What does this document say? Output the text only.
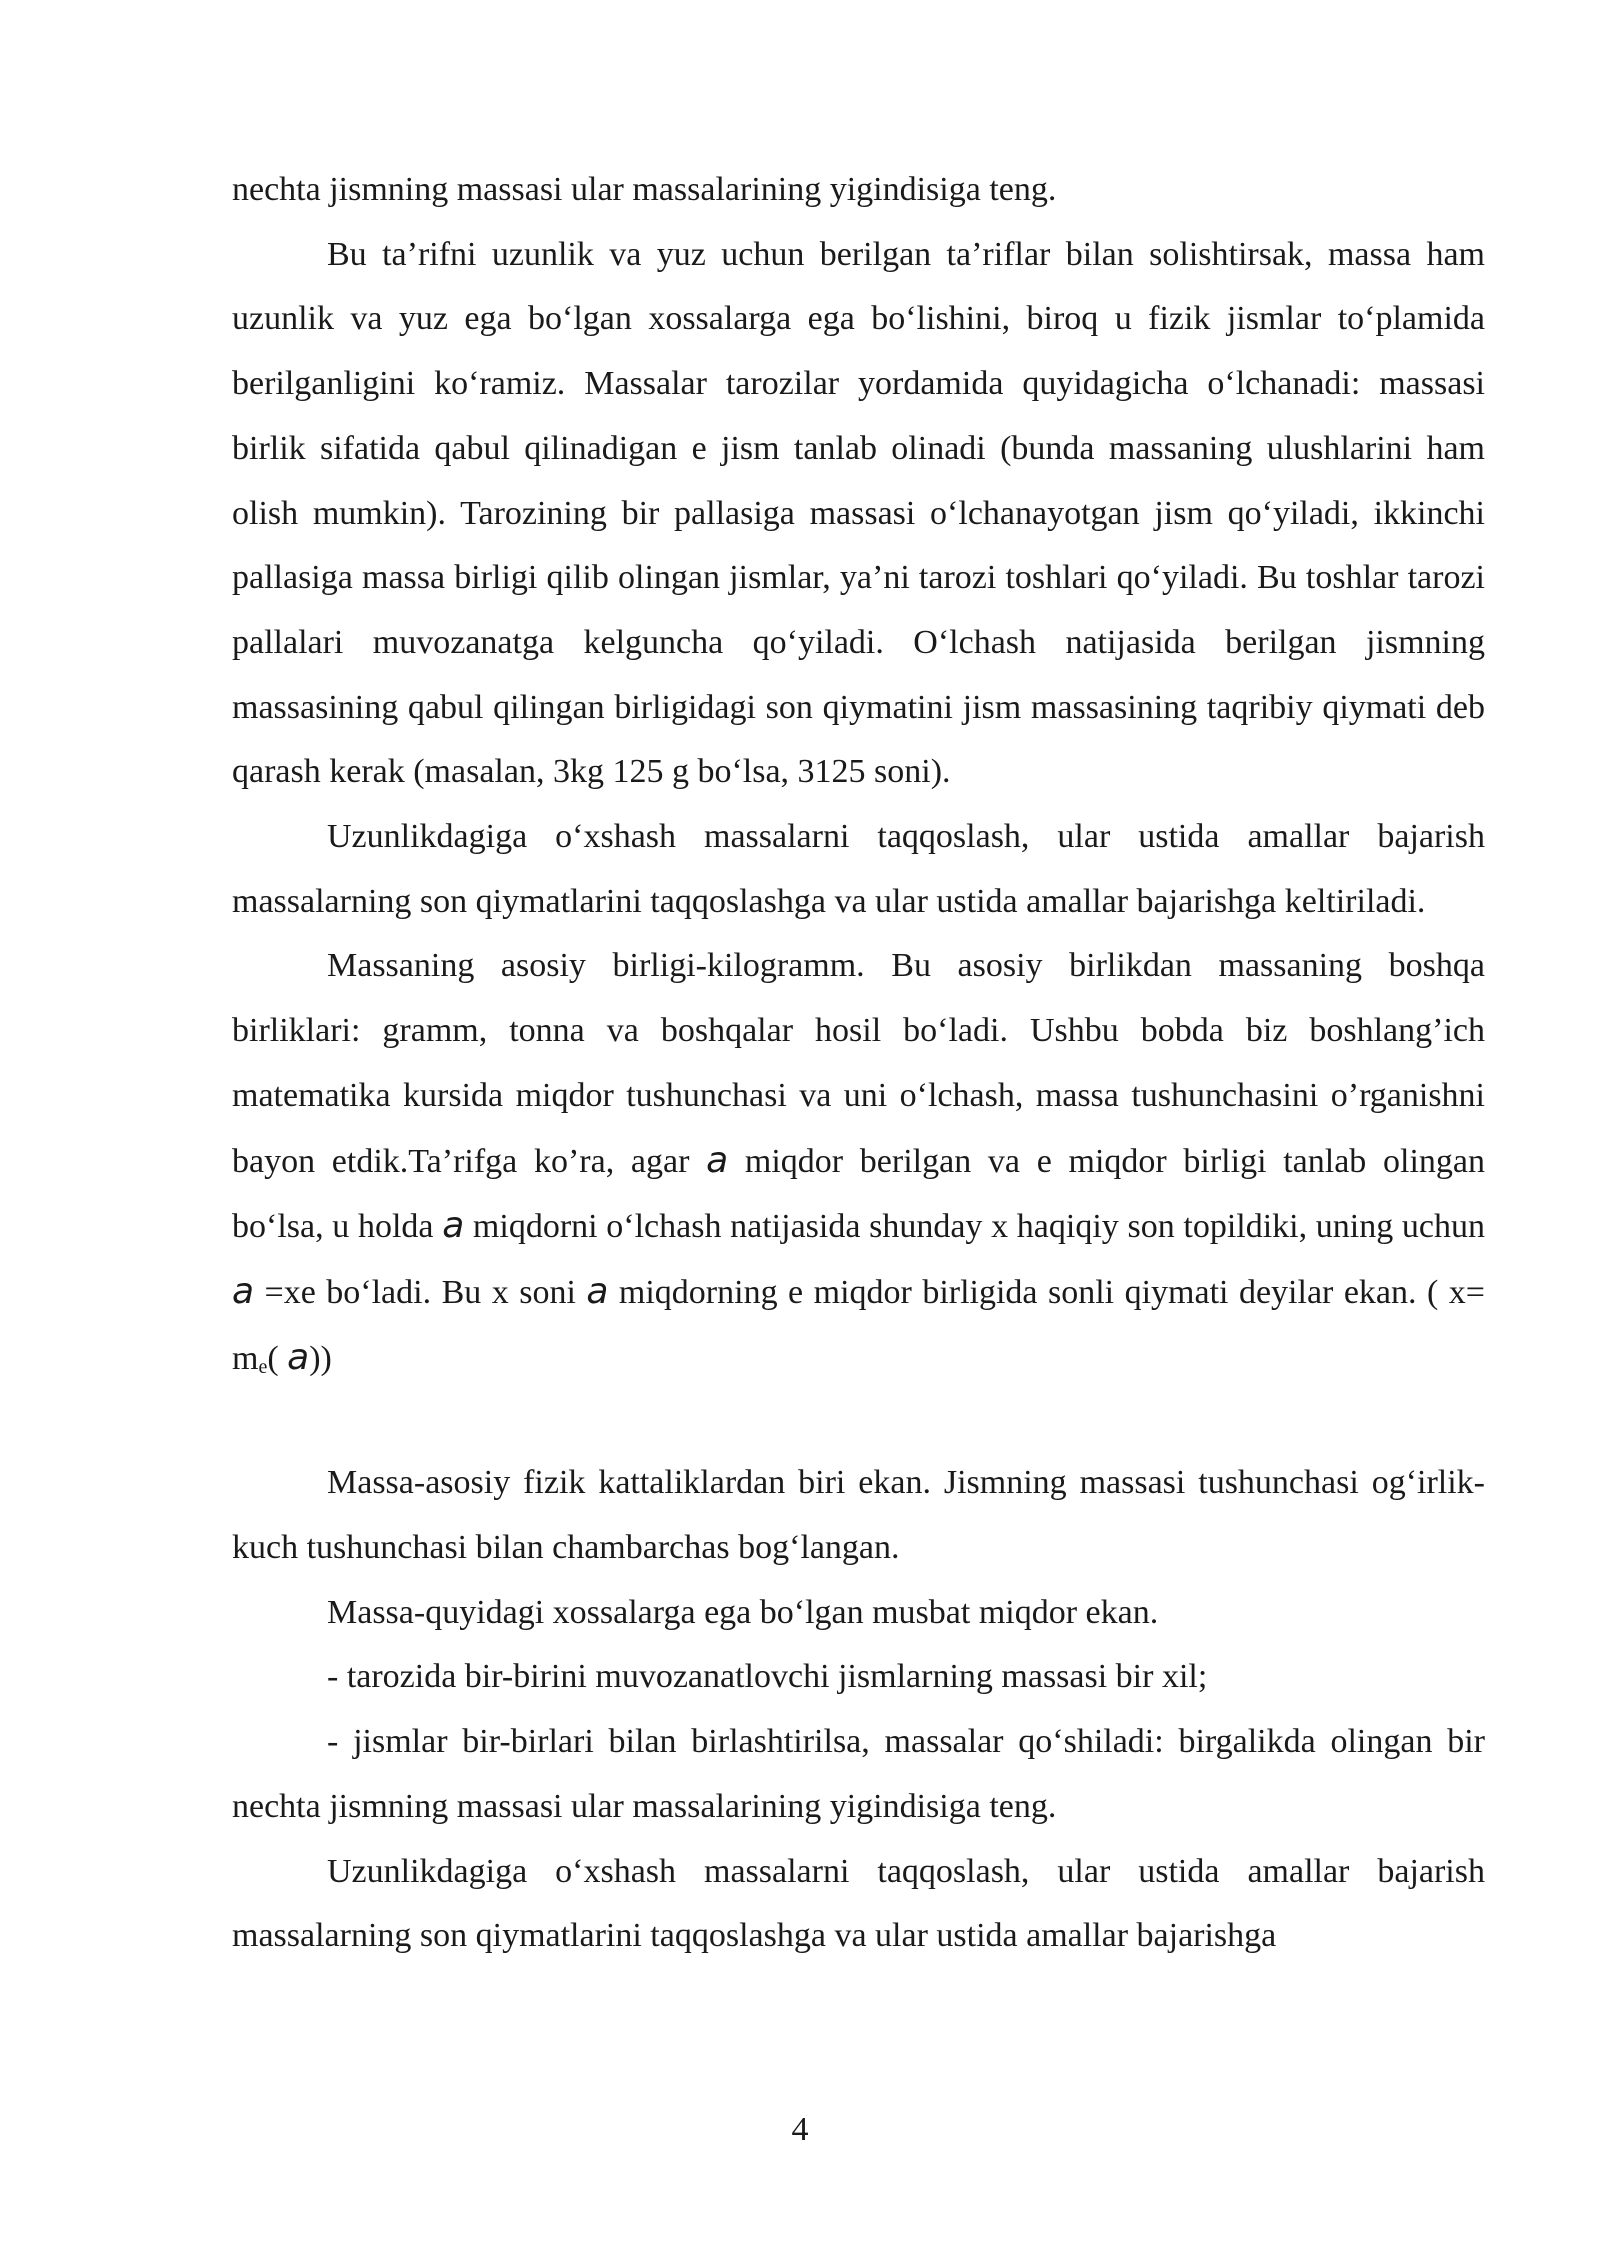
nechta jismning massasi ular massalarining yigindisiga teng.

Bu ta’rifni uzunlik va yuz uchun berilgan ta’riflar bilan solishtirsak, massa ham uzunlik va yuz ega bo‘lgan xossalarga ega bo‘lishini, biroq u fizik jismlar to‘plamida berilganligini ko‘ramiz. Massalar tarozilar yordamida quyidagicha o‘lchanadi: massasi birlik sifatida qabul qilinadigan e jism tanlab olinadi (bunda massaning ulushlarini ham olish mumkin). Tarozining bir pallasiga massasi o‘lchanayotgan jism qo‘yiladi, ikkinchi pallasiga massa birligi qilib olingan jismlar, ya’ni tarozi toshlari qo‘yiladi. Bu toshlar tarozi pallalari muvozanatga kelguncha qo‘yiladi. O‘lchash natijasida berilgan jismning massasining qabul qilingan birligidagi son qiymatini jism massasining taqribiy qiymati deb qarash kerak (masalan, 3kg 125 g bo‘lsa, 3125 soni).

Uzunlikdagiga o‘xshash massalarni taqqoslash, ular ustida amallar bajarish massalarning son qiymatlarini taqqoslashga va ular ustida amallar bajarishga keltiriladi.

Massaning asosiy birligi-kilogramm. Bu asosiy birlikdan massaning boshqa birliklari: gramm, tonna va boshqalar hosil bo‘ladi. Ushbu bobda biz boshlang’ich matematika kursida miqdor tushunchasi va uni o‘lchash, massa tushunchasini o’rganishni bayon etdik.Ta’rifga ko’ra, agar a miqdor berilgan va e miqdor birligi tanlab olingan bo‘lsa, u holda a miqdorni o‘lchash natijasida shunday x haqiqiy son topildiki, uning uchun a =xe bo‘ladi. Bu x soni a miqdorning e miqdor birligida sonli qiymati deyilar ekan. ( $x= m_e$( a))

Massa-asosiy fizik kattaliklardan biri ekan. Jismning massasi tushunchasi og‘irlik-kuch tushunchasi bilan chambarchas bog‘langan.

Massa-quyidagi xossalarga ega bo‘lgan musbat miqdor ekan.

- tarozida bir-birini muvozanatlovchi jismlarning massasi bir xil;

- jismlar bir-birlari bilan birlashtirilsa, massalar qo‘shiladi: birgalikda olingan bir nechta jismning massasi ular massalarining yigindisiga teng.

Uzunlikdagiga o‘xshash massalarni taqqoslash, ular ustida amallar bajarish massalarning son qiymatlarini taqqoslashga va ular ustida amallar bajarishga

4
